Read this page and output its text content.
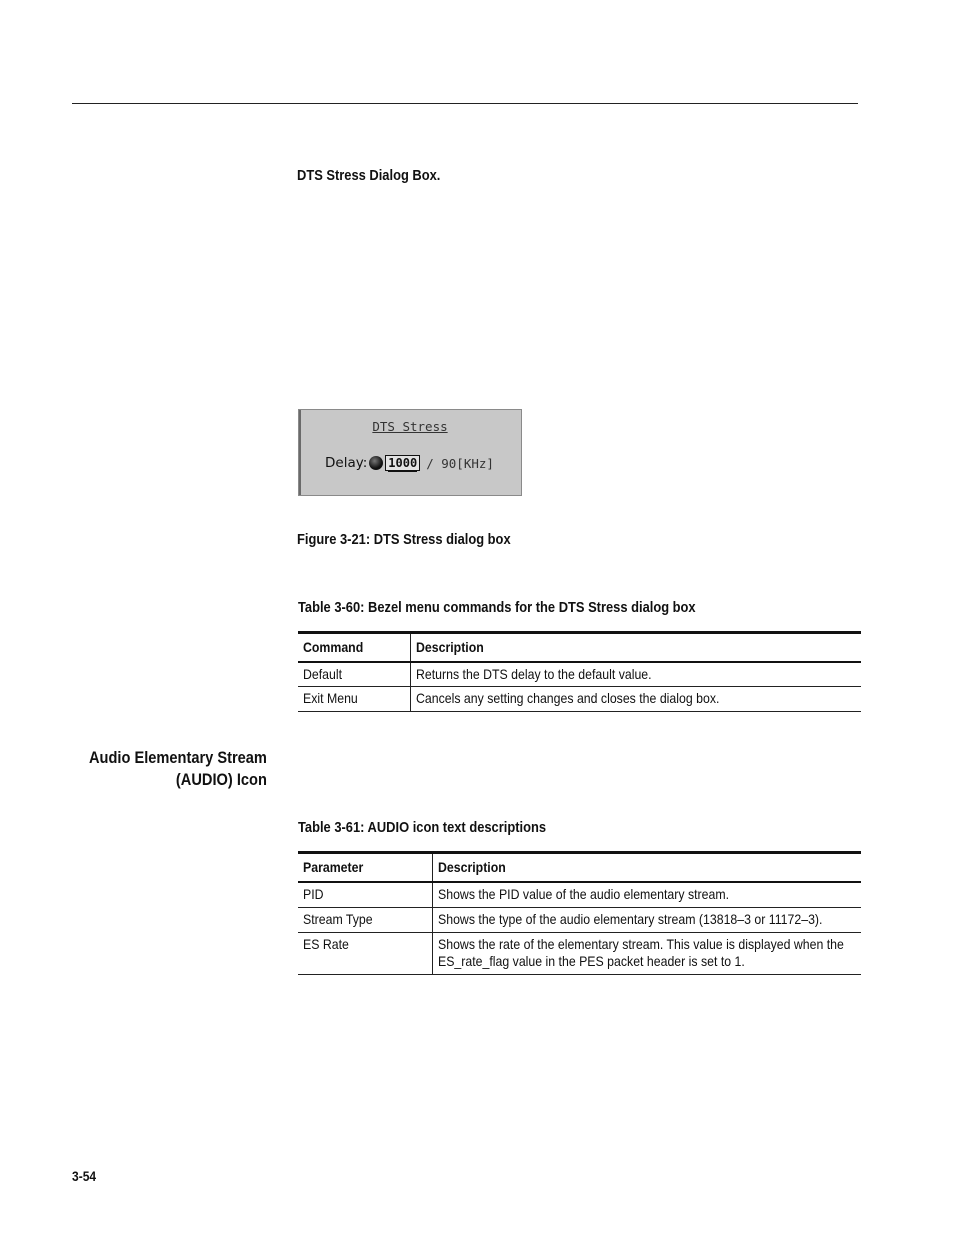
DTS Stress Dialog Box.
DTS Stress
Delay: 1000 / 90[KHz]
Figure 3-21: DTS Stress dialog box
Table 3-60: Bezel menu commands for the DTS Stress dialog box
Command	Description

Default	Returns the DTS delay to the default value.

Exit Menu	Cancels any setting changes and closes the dialog box.
Audio Elementary Stream
(AUDIO) Icon
Table 3-61: AUDIO icon text descriptions
Parameter	Description

PID	Shows the PID value of the audio elementary stream.

Stream Type	Shows the type of the audio elementary stream (13818–3 or 11172–3).

ES Rate	Shows the rate of the elementary stream. This value is displayed when the ES_rate_flag value in the PES packet header is set to 1.
3-54
